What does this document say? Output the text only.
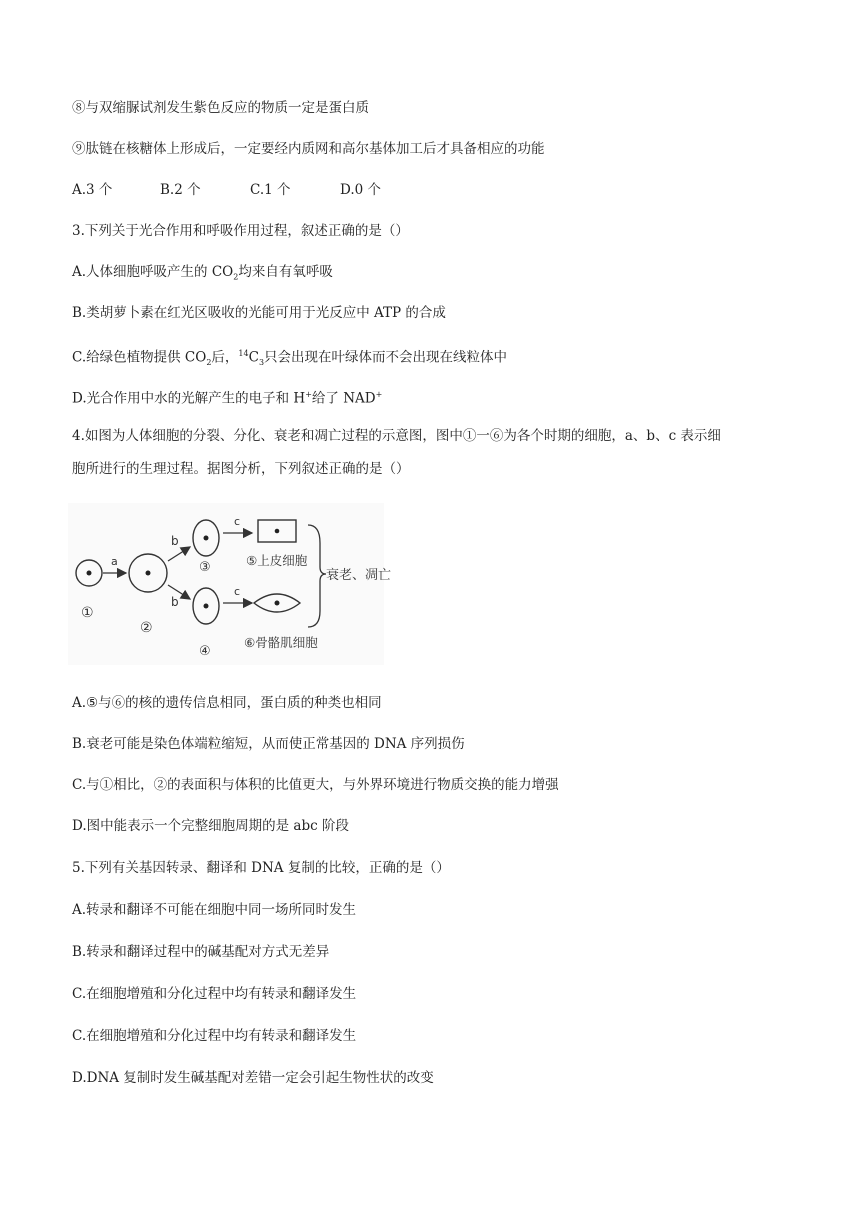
⑧与双缩脲试剂发生紫色反应的物质一定是蛋白质
⑨肽链在核糖体上形成后，一定要经内质网和高尔基体加工后才具备相应的功能
A.3 个	B.2 个	C.1 个	D.0 个
3.下列关于光合作用和呼吸作用过程，叙述正确的是（）
A.人体细胞呼吸产生的 $CO_2$均来自有氧呼吸
B.类胡萝卜素在红光区吸收的光能可用于光反应中 ATP 的合成
C.给绿色植物提供 $CO_2$后，$^{14}C_3$只会出现在叶绿体而不会出现在线粒体中
D.光合作用中水的光解产生的电子和 H+给了 NAD+
4.如图为人体细胞的分裂、分化、衰老和凋亡过程的示意图，图中①一⑥为各个时期的细胞，a、b、c 表示细
胞所进行的生理过程。据图分析，下列叙述正确的是（）
①
a
②
b
b
③
④
c
c
⑤上皮细胞
⑥骨骼肌细胞
衰老、凋亡
A.⑤与⑥的核的遗传信息相同，蛋白质的种类也相同
B.衰老可能是染色体端粒缩短，从而使正常基因的 DNA 序列损伤
C.与①相比，②的表面积与体积的比值更大，与外界环境进行物质交换的能力增强
D.图中能表示一个完整细胞周期的是 abc 阶段
5.下列有关基因转录、翻译和 DNA 复制的比较，正确的是（）
A.转录和翻译不可能在细胞中同一场所同时发生
B.转录和翻译过程中的碱基配对方式无差异
C.在细胞增殖和分化过程中均有转录和翻译发生
C.在细胞增殖和分化过程中均有转录和翻译发生
D.DNA 复制时发生碱基配对差错一定会引起生物性状的改变
